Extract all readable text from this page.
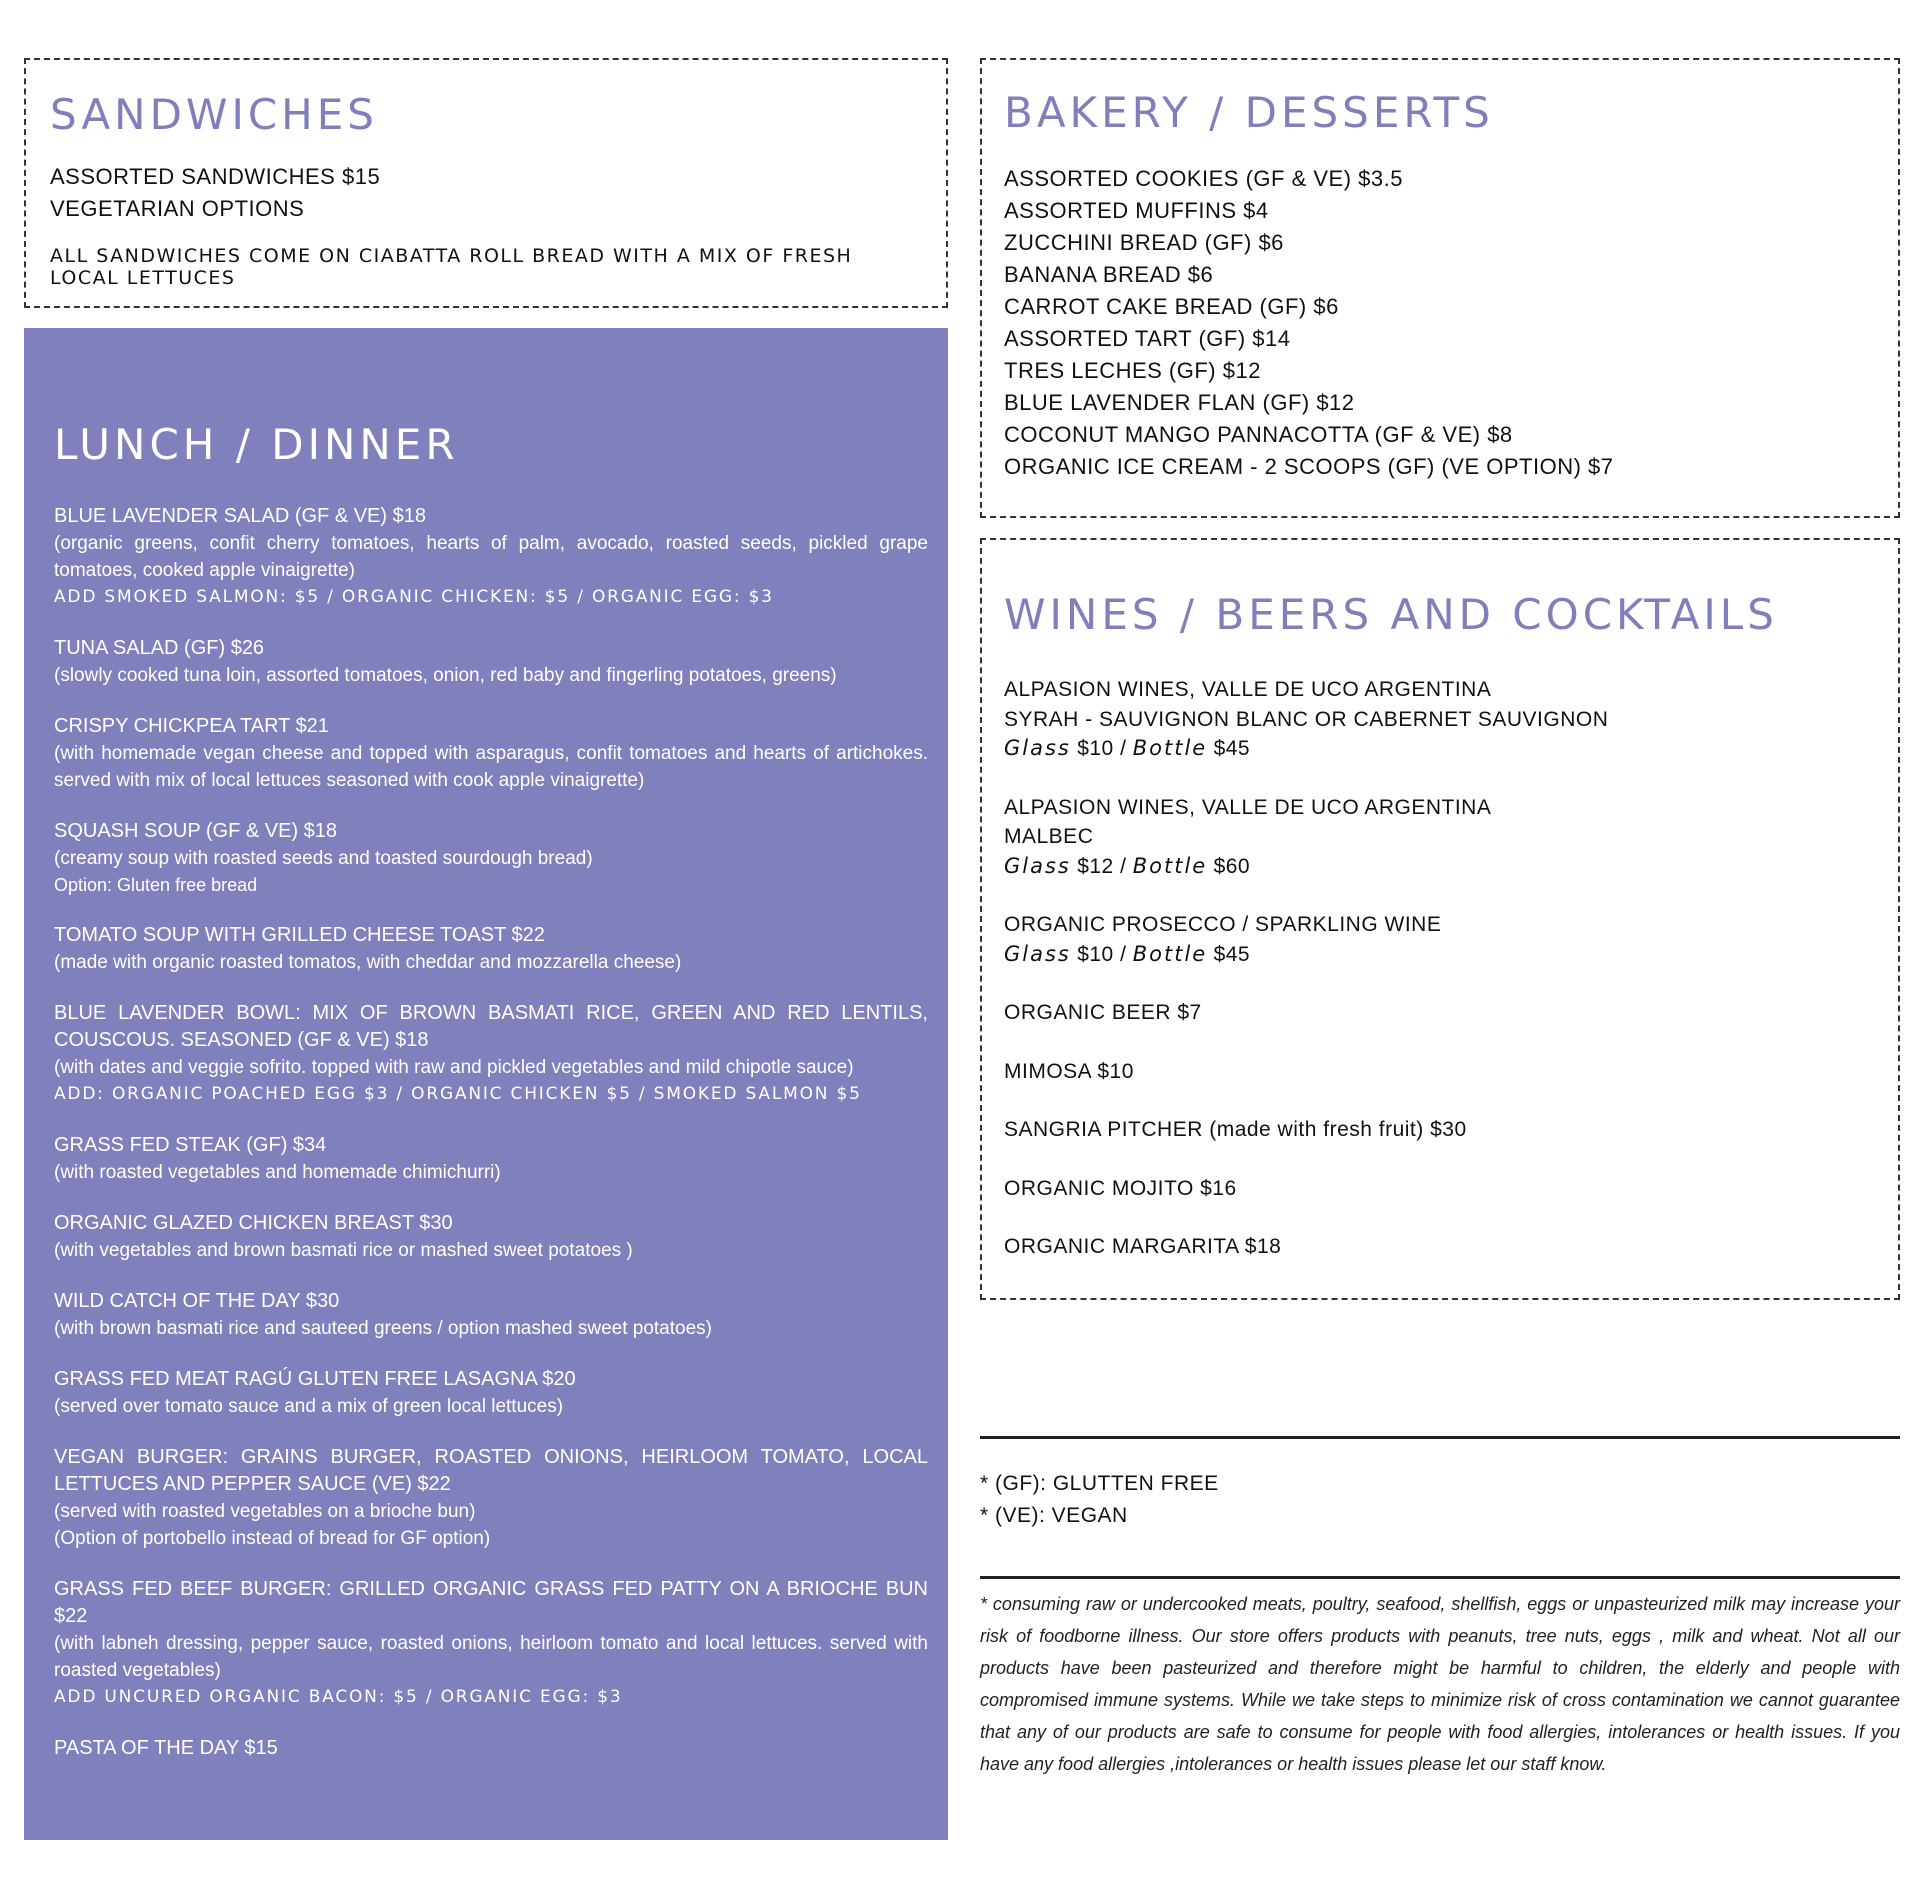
SANDWICHES
ASSORTED SANDWICHES $15
VEGETARIAN OPTIONS
ALL SANDWICHES COME ON CIABATTA ROLL BREAD WITH A MIX OF FRESH LOCAL LETTUCES
LUNCH / DINNER
BLUE LAVENDER SALAD (GF & VE) $18
(organic greens, confit cherry tomatoes, hearts of palm, avocado, roasted seeds, pickled grape tomatoes, cooked apple vinaigrette)
ADD SMOKED SALMON: $5 / ORGANIC CHICKEN: $5 / ORGANIC EGG: $3
TUNA SALAD (GF) $26
(slowly cooked tuna loin, assorted tomatoes, onion, red baby and fingerling potatoes, greens)
CRISPY CHICKPEA TART $21
(with homemade vegan cheese and topped with asparagus, confit tomatoes and hearts of artichokes. served with mix of local lettuces seasoned with cook apple vinaigrette)
SQUASH SOUP (GF & VE) $18
(creamy soup with roasted seeds and toasted sourdough bread)
Option: Gluten free bread
TOMATO SOUP WITH GRILLED CHEESE TOAST $22
(made with organic roasted tomatos, with cheddar and mozzarella cheese)
BLUE LAVENDER BOWL: MIX OF BROWN BASMATI RICE, GREEN AND RED LENTILS, COUSCOUS. SEASONED (GF & VE) $18
(with dates and veggie sofrito. topped with raw and pickled vegetables and mild chipotle sauce)
ADD: ORGANIC POACHED EGG $3 / ORGANIC CHICKEN $5 / SMOKED SALMON $5
GRASS FED STEAK (GF) $34
(with roasted vegetables and homemade chimichurri)
ORGANIC GLAZED CHICKEN BREAST $30
(with vegetables and brown basmati rice or mashed sweet potatoes )
WILD CATCH OF THE DAY $30
(with brown basmati rice and sauteed greens / option mashed sweet potatoes)
GRASS FED MEAT RAGÚ GLUTEN FREE LASAGNA $20
(served over tomato sauce and a mix of green local lettuces)
VEGAN BURGER: GRAINS BURGER, ROASTED ONIONS, HEIRLOOM TOMATO, LOCAL LETTUCES AND PEPPER SAUCE (VE) $22
(served with roasted vegetables on a brioche bun)
(Option of portobello instead of bread for GF option)
GRASS FED BEEF BURGER: GRILLED ORGANIC GRASS FED PATTY ON A BRIOCHE BUN $22
(with labneh dressing, pepper sauce, roasted onions, heirloom tomato and local lettuces. served with roasted vegetables)
ADD UNCURED ORGANIC BACON: $5 / ORGANIC EGG: $3
PASTA OF THE DAY $15
BAKERY / DESSERTS
ASSORTED COOKIES (GF & VE) $3.5
ASSORTED MUFFINS $4
ZUCCHINI BREAD (GF) $6
BANANA BREAD $6
CARROT CAKE BREAD (GF) $6
ASSORTED TART (GF) $14
TRES LECHES (GF) $12
BLUE LAVENDER FLAN (GF) $12
COCONUT MANGO PANNACOTTA (GF & VE) $8
ORGANIC ICE CREAM - 2 SCOOPS (GF) (VE OPTION) $7
WINES / BEERS AND COCKTAILS
ALPASION WINES, VALLE DE UCO ARGENTINA
SYRAH - SAUVIGNON BLANC OR CABERNET SAUVIGNON
Glass $10 / Bottle $45
ALPASION WINES, VALLE DE UCO ARGENTINA
MALBEC
Glass $12 / Bottle $60
ORGANIC PROSECCO / SPARKLING WINE
Glass $10 / Bottle $45
ORGANIC BEER $7
MIMOSA $10
SANGRIA PITCHER (made with fresh fruit) $30
ORGANIC MOJITO $16
ORGANIC MARGARITA $18
* (GF): GLUTTEN FREE
* (VE): VEGAN
* consuming raw or undercooked meats, poultry, seafood, shellfish, eggs or unpasteurized milk may increase your risk of foodborne illness. Our store offers products with peanuts, tree nuts, eggs , milk and wheat. Not all our products have been pasteurized and therefore might be harmful to children, the elderly and people with compromised immune systems. While we take steps to minimize risk of cross contamination we cannot guarantee that any of our products are safe to consume for people with food allergies, intolerances or health issues. If you have any food allergies ,intolerances or health issues please let our staff know.
